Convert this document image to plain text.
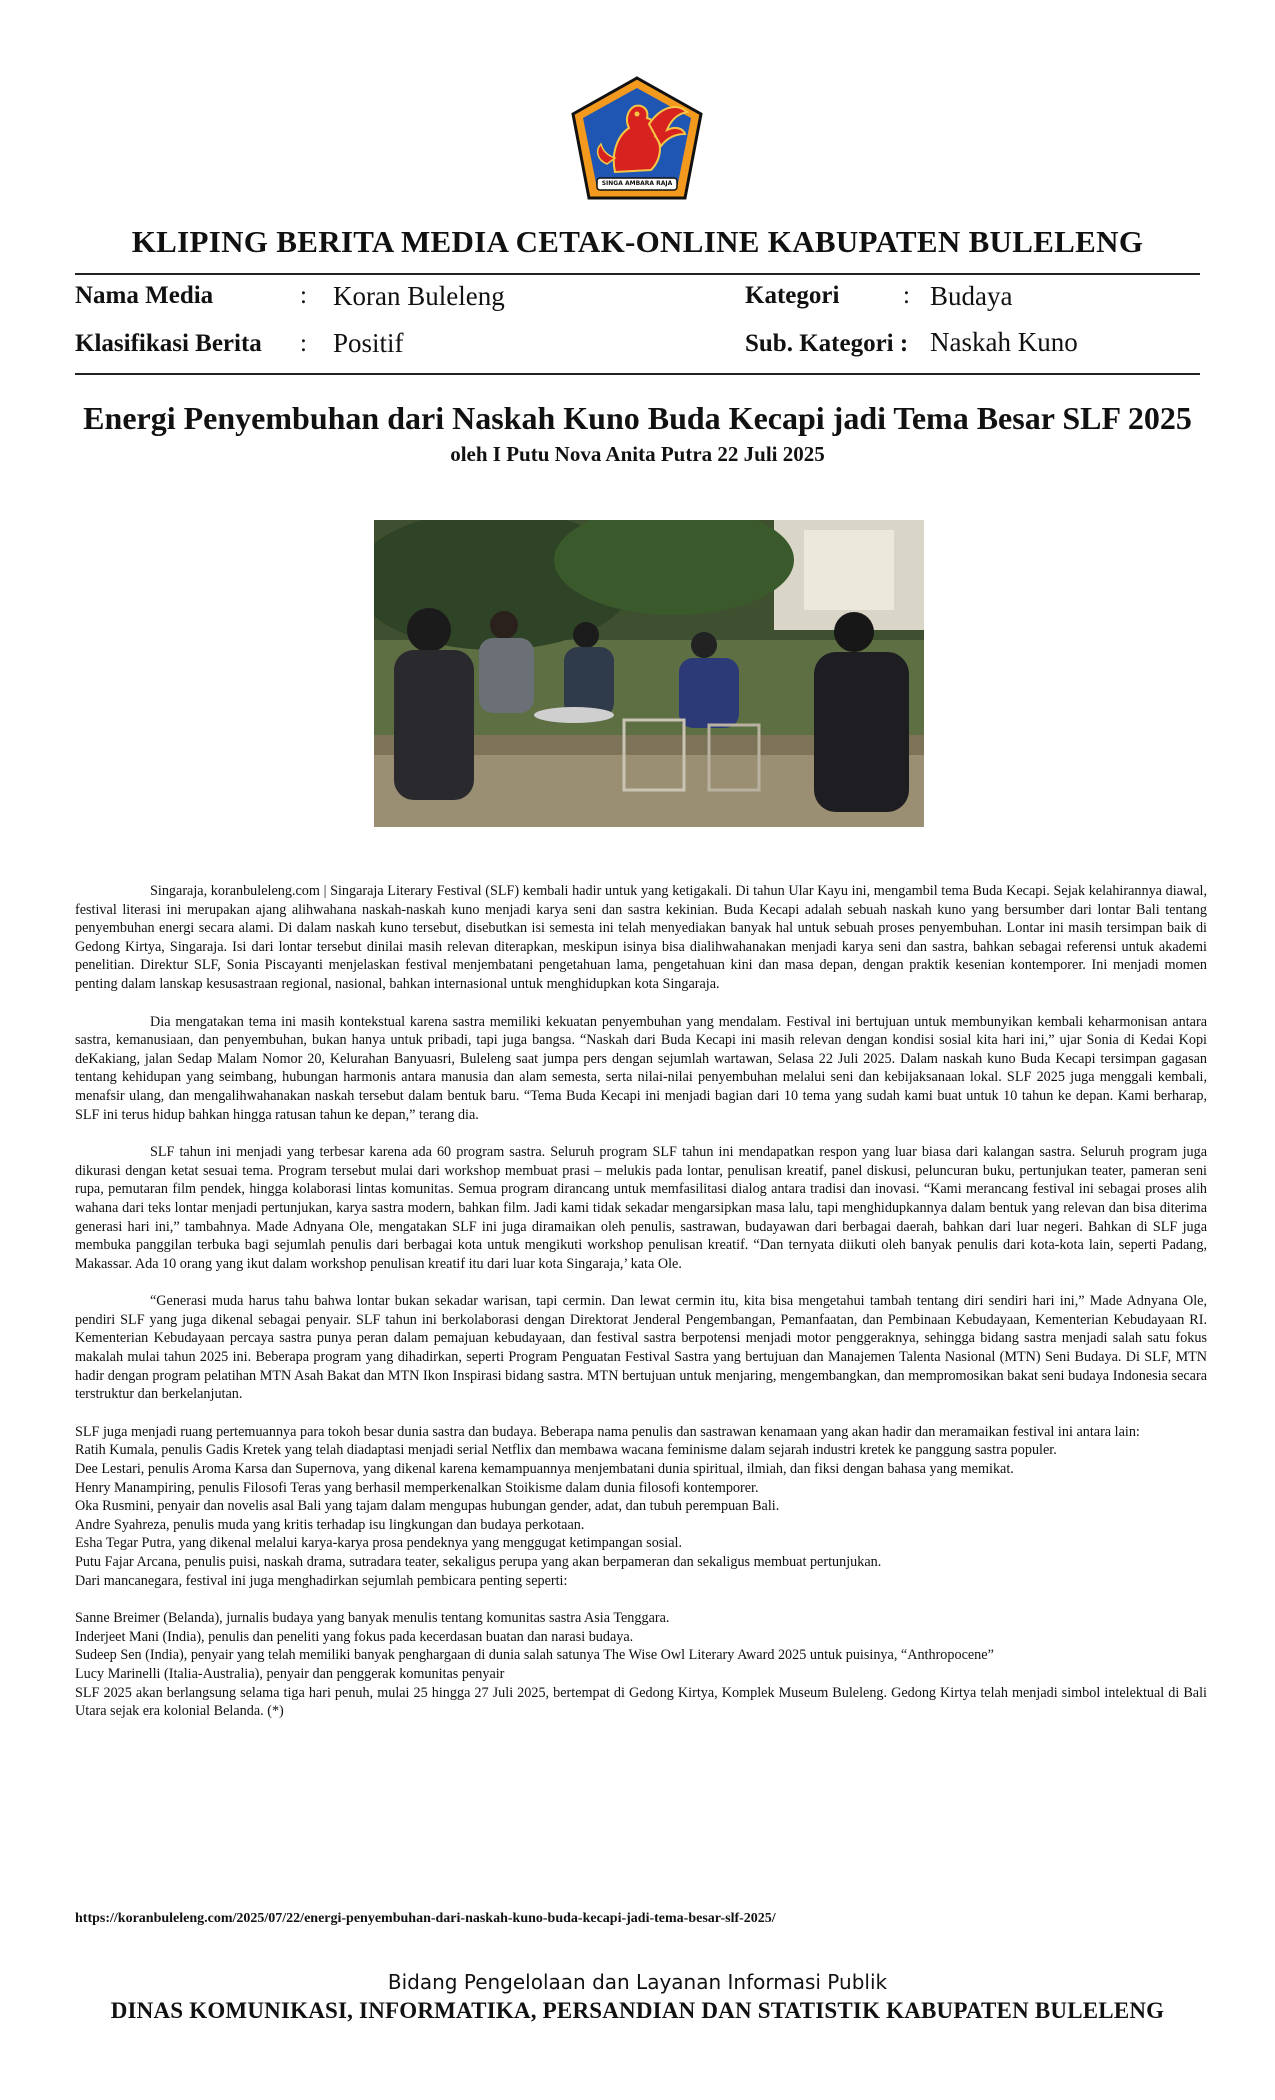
SINGA AMBARA RAJA
KLIPING BERITA MEDIA CETAK-ONLINE KABUPATEN BULELENG
Nama Media	: Koran Buleleng	Kategori	: Budaya
Klasifikasi Berita : Positif	Sub. Kategori : Naskah Kuno
Energi Penyembuhan dari Naskah Kuno Buda Kecapi jadi Tema Besar SLF 2025
oleh I Putu Nova Anita Putra 22 Juli 2025

Singaraja, koranbuleleng.com | Singaraja Literary Festival (SLF) kembali hadir untuk yang ketigakali. Di tahun Ular Kayu ini, mengambil tema Buda Kecapi. Sejak kelahirannya diawal, festival literasi ini merupakan ajang alihwahana naskah-naskah kuno menjadi karya seni dan sastra kekinian. Buda Kecapi adalah sebuah naskah kuno yang bersumber dari lontar Bali tentang penyembuhan energi secara alami. Di dalam naskah kuno tersebut, disebutkan isi semesta ini telah menyediakan banyak hal untuk sebuah proses penyembuhan. Lontar ini masih tersimpan baik di Gedong Kirtya, Singaraja. Isi dari lontar tersebut dinilai masih relevan diterapkan, meskipun isinya bisa dialihwahanakan menjadi karya seni dan sastra, bahkan sebagai referensi untuk akademi penelitian. Direktur SLF, Sonia Piscayanti menjelaskan festival menjembatani pengetahuan lama, pengetahuan kini dan masa depan, dengan praktik kesenian kontemporer. Ini menjadi momen penting dalam lanskap kesusastraan regional, nasional, bahkan internasional untuk menghidupkan kota Singaraja.

Dia mengatakan tema ini masih kontekstual karena sastra memiliki kekuatan penyembuhan yang mendalam. Festival ini bertujuan untuk membunyikan kembali keharmonisan antara sastra, kemanusiaan, dan penyembuhan, bukan hanya untuk pribadi, tapi juga bangsa. “Naskah dari Buda Kecapi ini masih relevan dengan kondisi sosial kita hari ini,” ujar Sonia di Kedai Kopi deKakiang, jalan Sedap Malam Nomor 20, Kelurahan Banyuasri, Buleleng saat jumpa pers dengan sejumlah wartawan, Selasa 22 Juli 2025. Dalam naskah kuno Buda Kecapi tersimpan gagasan tentang kehidupan yang seimbang, hubungan harmonis antara manusia dan alam semesta, serta nilai-nilai penyembuhan melalui seni dan kebijaksanaan lokal. SLF 2025 juga menggali kembali, menafsir ulang, dan mengalihwahanakan naskah tersebut dalam bentuk baru. “Tema Buda Kecapi ini menjadi bagian dari 10 tema yang sudah kami buat untuk 10 tahun ke depan. Kami berharap, SLF ini terus hidup bahkan hingga ratusan tahun ke depan,” terang dia.

SLF tahun ini menjadi yang terbesar karena ada 60 program sastra. Seluruh program SLF tahun ini mendapatkan respon yang luar biasa dari kalangan sastra. Seluruh program juga dikurasi dengan ketat sesuai tema. Program tersebut mulai dari workshop membuat prasi – melukis pada lontar, penulisan kreatif, panel diskusi, peluncuran buku, pertunjukan teater, pameran seni rupa, pemutaran film pendek, hingga kolaborasi lintas komunitas. Semua program dirancang untuk memfasilitasi dialog antara tradisi dan inovasi. “Kami merancang festival ini sebagai proses alih wahana dari teks lontar menjadi pertunjukan, karya sastra modern, bahkan film. Jadi kami tidak sekadar mengarsipkan masa lalu, tapi menghidupkannya dalam bentuk yang relevan dan bisa diterima generasi hari ini,” tambahnya. Made Adnyana Ole, mengatakan SLF ini juga diramaikan oleh penulis, sastrawan, budayawan dari berbagai daerah, bahkan dari luar negeri. Bahkan di SLF juga membuka panggilan terbuka bagi sejumlah penulis dari berbagai kota untuk mengikuti workshop penulisan kreatif. “Dan ternyata diikuti oleh banyak penulis dari kota-kota lain, seperti Padang, Makassar. Ada 10 orang yang ikut dalam workshop penulisan kreatif itu dari luar kota Singaraja,’ kata Ole.

“Generasi muda harus tahu bahwa lontar bukan sekadar warisan, tapi cermin. Dan lewat cermin itu, kita bisa mengetahui tambah tentang diri sendiri hari ini,” Made Adnyana Ole, pendiri SLF yang juga dikenal sebagai penyair. SLF tahun ini berkolaborasi dengan Direktorat Jenderal Pengembangan, Pemanfaatan, dan Pembinaan Kebudayaan, Kementerian Kebudayaan RI. Kementerian Kebudayaan percaya sastra punya peran dalam pemajuan kebudayaan, dan festival sastra berpotensi menjadi motor penggeraknya, sehingga bidang sastra menjadi salah satu fokus makalah mulai tahun 2025 ini. Beberapa program yang dihadirkan, seperti Program Penguatan Festival Sastra yang bertujuan dan Manajemen Talenta Nasional (MTN) Seni Budaya. Di SLF, MTN hadir dengan program pelatihan MTN Asah Bakat dan MTN Ikon Inspirasi bidang sastra. MTN bertujuan untuk menjaring, mengembangkan, dan mempromosikan bakat seni budaya Indonesia secara terstruktur dan berkelanjutan.

SLF juga menjadi ruang pertemuannya para tokoh besar dunia sastra dan budaya. Beberapa nama penulis dan sastrawan kenamaan yang akan hadir dan meramaikan festival ini antara lain:

Ratih Kumala, penulis Gadis Kretek yang telah diadaptasi menjadi serial Netflix dan membawa wacana feminisme dalam sejarah industri kretek ke panggung sastra populer.

Dee Lestari, penulis Aroma Karsa dan Supernova, yang dikenal karena kemampuannya menjembatani dunia spiritual, ilmiah, dan fiksi dengan bahasa yang memikat.

Henry Manampiring, penulis Filosofi Teras yang berhasil memperkenalkan Stoikisme dalam dunia filosofi kontemporer.

Oka Rusmini, penyair dan novelis asal Bali yang tajam dalam mengupas hubungan gender, adat, dan tubuh perempuan Bali.

Andre Syahreza, penulis muda yang kritis terhadap isu lingkungan dan budaya perkotaan.

Esha Tegar Putra, yang dikenal melalui karya-karya prosa pendeknya yang menggugat ketimpangan sosial.

Putu Fajar Arcana, penulis puisi, naskah drama, sutradara teater, sekaligus perupa yang akan berpameran dan sekaligus membuat pertunjukan.

Dari mancanegara, festival ini juga menghadirkan sejumlah pembicara penting seperti:

Sanne Breimer (Belanda), jurnalis budaya yang banyak menulis tentang komunitas sastra Asia Tenggara.

Inderjeet Mani (India), penulis dan peneliti yang fokus pada kecerdasan buatan dan narasi budaya.

Sudeep Sen (India), penyair yang telah memiliki banyak penghargaan di dunia salah satunya The Wise Owl Literary Award 2025 untuk puisinya, “Anthropocene”

Lucy Marinelli (Italia-Australia), penyair dan penggerak komunitas penyair

SLF 2025 akan berlangsung selama tiga hari penuh, mulai 25 hingga 27 Juli 2025, bertempat di Gedong Kirtya, Komplek Museum Buleleng. Gedong Kirtya telah menjadi simbol intelektual di Bali Utara sejak era kolonial Belanda. (*)

https://koranbuleleng.com/2025/07/22/energi-penyembuhan-dari-naskah-kuno-buda-kecapi-jadi-tema-besar-slf-2025/
Bidang Pengelolaan dan Layanan Informasi Publik
DINAS KOMUNIKASI, INFORMATIKA, PERSANDIAN DAN STATISTIK KABUPATEN BULELENG
